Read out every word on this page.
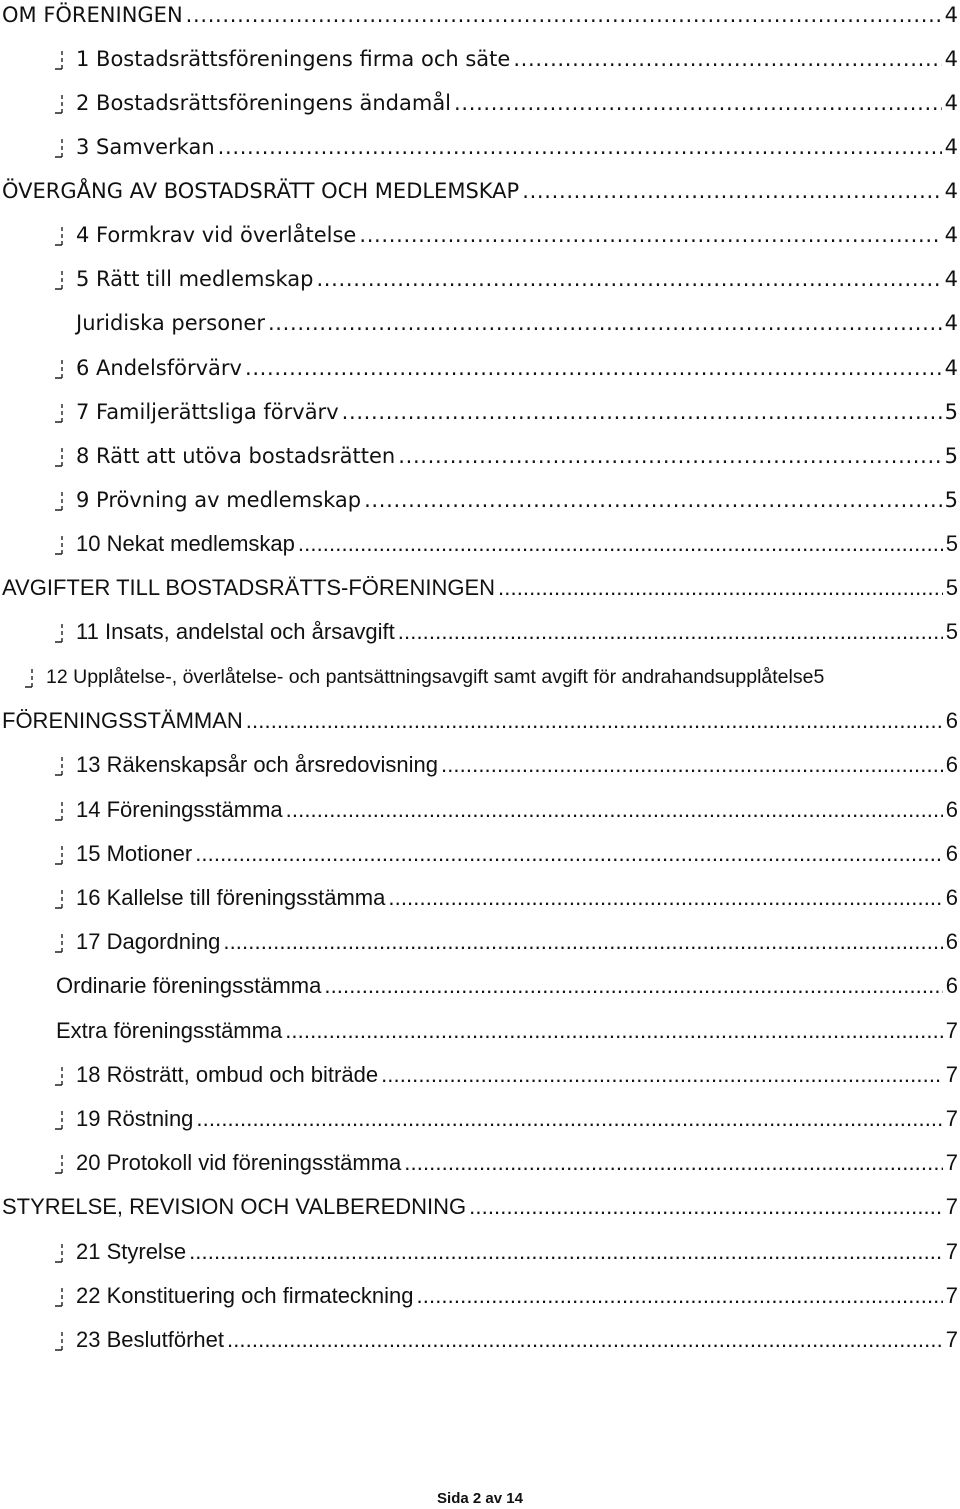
OM FÖRENINGEN . . .	4
1 Bostadsrättsföreningens firma och säte . . .	4
2 Bostadsrättsföreningens ändamål . . .	4
3 Samverkan . . .	4
ÖVERGÅNG AV BOSTADSRÄTT OCH MEDLEMSKAP . . .	4
4 Formkrav vid överlåtelse . . .	4
5 Rätt till medlemskap . . .	4
Juridiska personer . . .	4
6 Andelsförvärv . . .	4
7 Familjerättsliga förvärv . . .	5
8 Rätt att utöva bostadsrätten . . .	5
9 Prövning av medlemskap . . .	5
10 Nekat medlemskap . . .	5
AVGIFTER TILL BOSTADSRÄTTS-FÖRENINGEN . . .	5
11 Insats, andelstal och årsavgift . . .	5
12 Upplåtelse-, överlåtelse- och pantsättningsavgift samt avgift för andrahandsupplåtelse 5
FÖRENINGSSTÄMMAN . . .	6
13 Räkenskapsår och årsredovisning . . .	6
14 Föreningsstämma . . .	6
15 Motioner . . .	6
16 Kallelse till föreningsstämma . . .	6
17 Dagordning . . .	6
Ordinarie föreningsstämma . . .	6
Extra föreningsstämma . . .	7
18 Rösträtt, ombud och biträde . . .	7
19 Röstning . . .	7
20 Protokoll vid föreningsstämma . . .	7
STYRELSE, REVISION OCH VALBEREDNING . . .	7
21 Styrelse . . .	7
22 Konstituering och firmateckning . . .	7
23 Beslutförhet . . .	7
Sida 2 av 14
